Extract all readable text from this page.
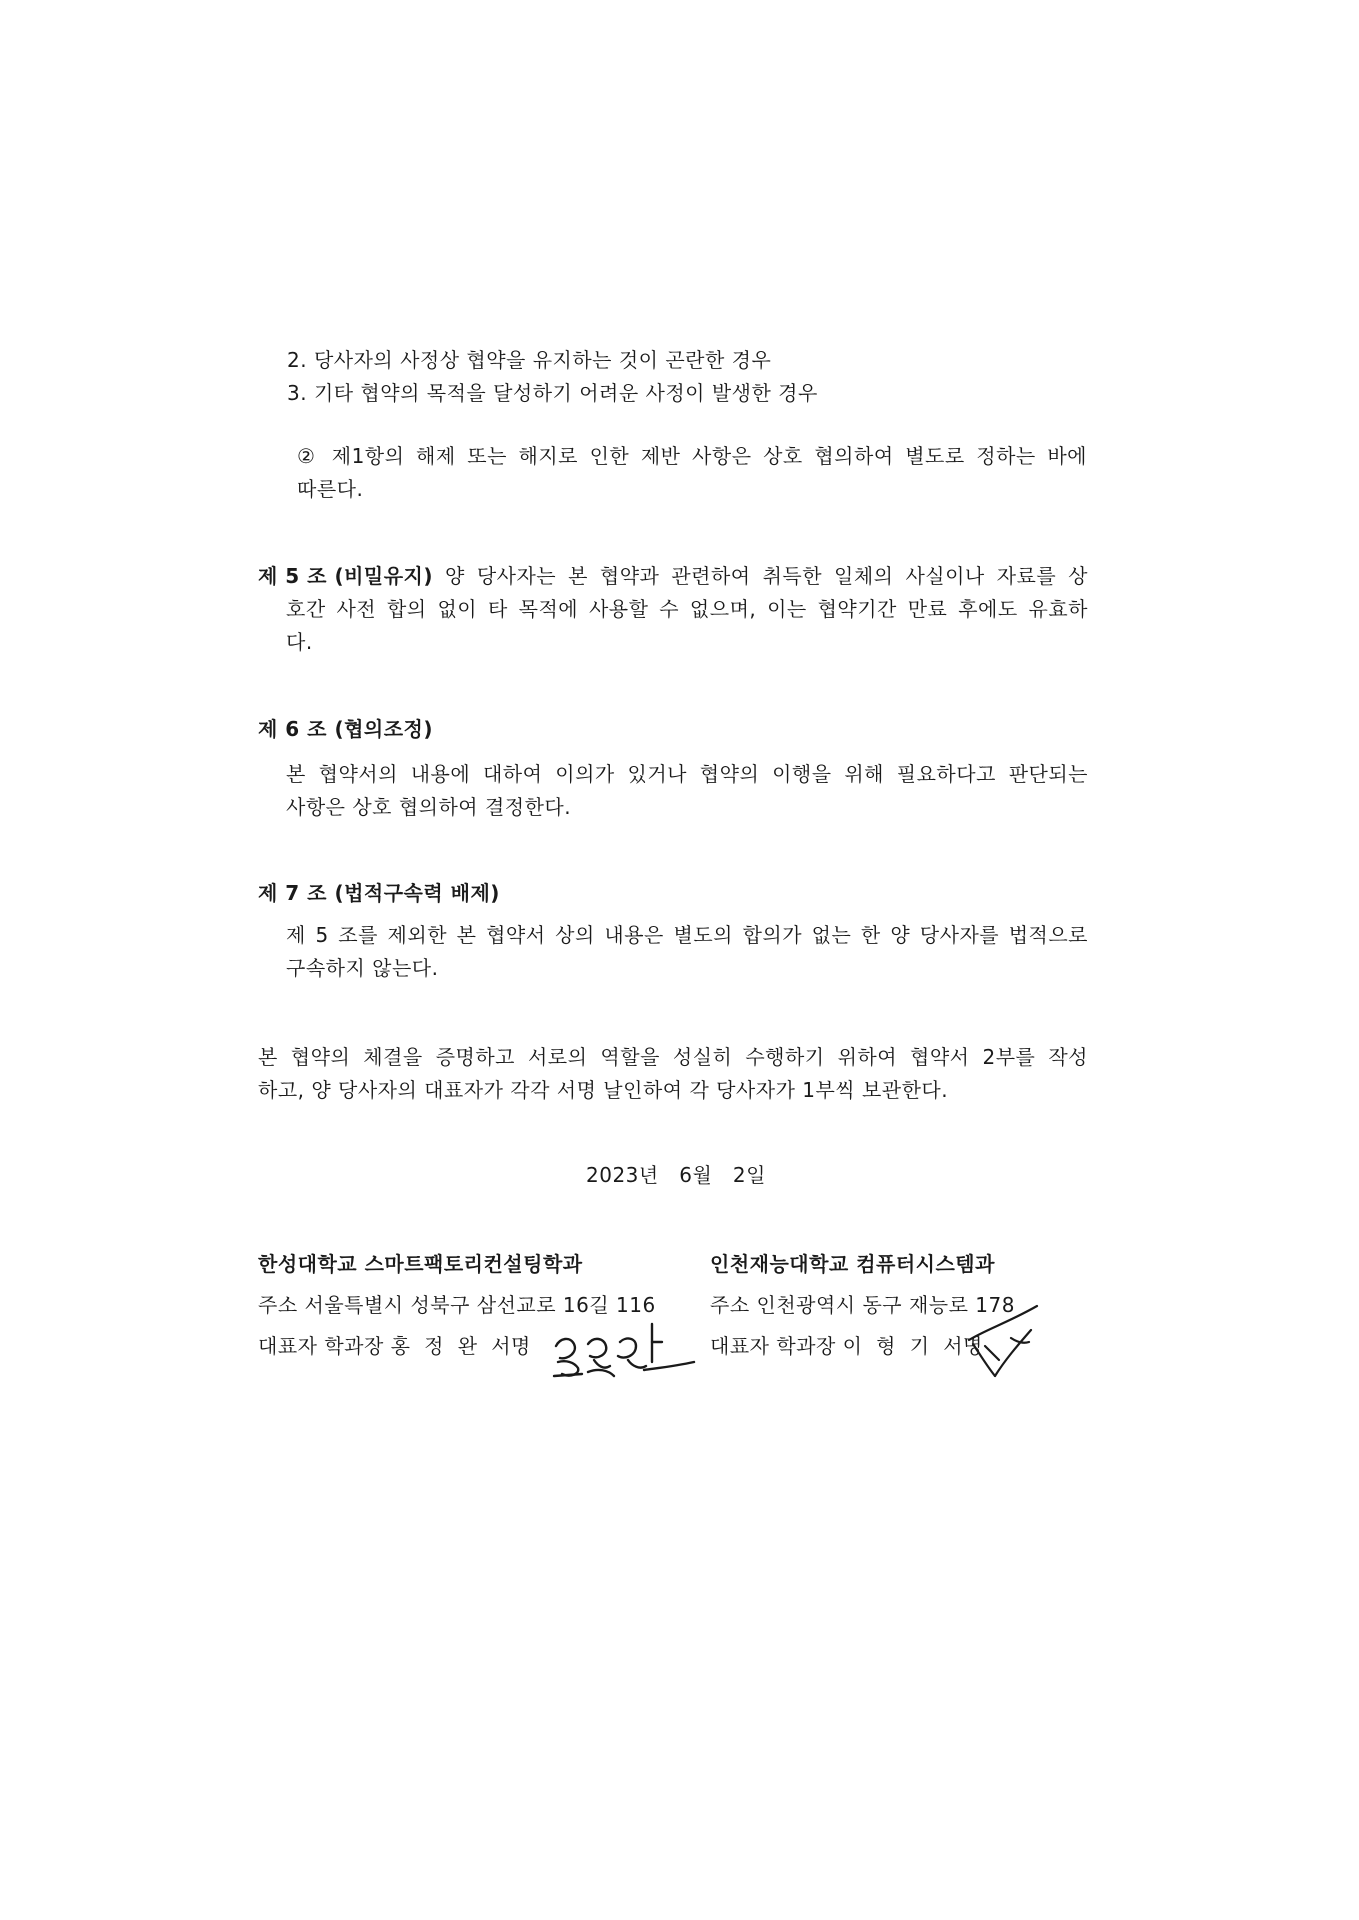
2. 당사자의 사정상 협약을 유지하는 것이 곤란한 경우
3. 기타 협약의 목적을 달성하기 어려운 사정이 발생한 경우
② 제1항의 해제 또는 해지로 인한 제반 사항은 상호 협의하여 별도로 정하는 바에
따른다.
제 5 조 (비밀유지) 양 당사자는 본 협약과 관련하여 취득한 일체의 사실이나 자료를 상
호간 사전 합의 없이 타 목적에 사용할 수 없으며, 이는 협약기간 만료 후에도 유효하
다.
제 6 조 (협의조정)
본 협약서의 내용에 대하여 이의가 있거나 협약의 이행을 위해 필요하다고 판단되는
사항은 상호 협의하여 결정한다.
제 7 조 (법적구속력 배제)
제 5 조를 제외한 본 협약서 상의 내용은 별도의 합의가 없는 한 양 당사자를 법적으로
구속하지 않는다.
본 협약의 체결을 증명하고 서로의 역할을 성실히 수행하기 위하여 협약서 2부를 작성
하고, 양 당사자의 대표자가 각각 서명 날인하여 각 당사자가 1부씩 보관한다.
2023년   6월   2일
한성대학교 스마트팩토리컨설팅학과
주소 서울특별시 성북구 삼선교로 16길 116
대표자 학과장 홍  정  완  서명
인천재능대학교 컴퓨터시스템과
주소 인천광역시 동구 재능로 178
대표자 학과장 이  형  기  서명
